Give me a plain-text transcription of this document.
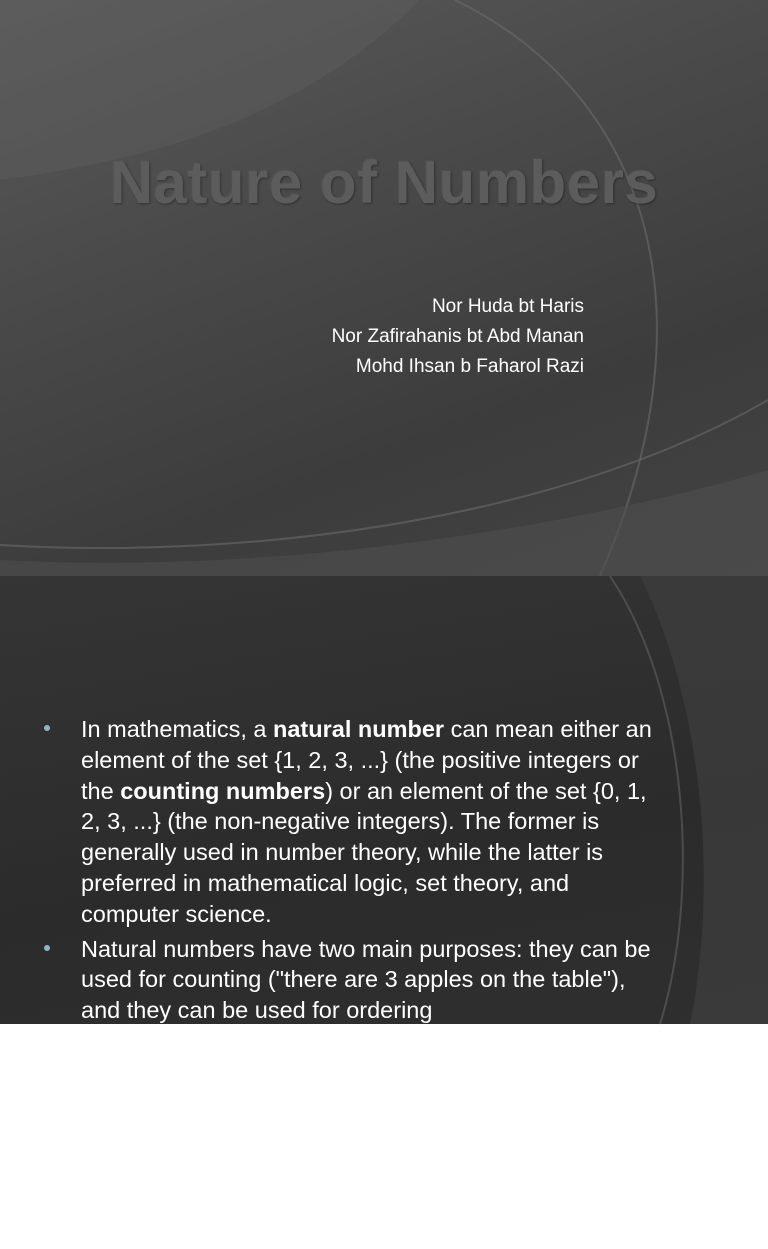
Nature of Numbers
Nor Huda bt Haris
Nor Zafirahanis bt Abd Manan
Mohd Ihsan b Faharol Razi
Natural Numbers
In mathematics, a natural number can mean either an element of the set {1, 2, 3, ...} (the positive integers or the counting numbers) or an element of the set {0, 1, 2, 3, ...} (the non-negative integers). The former is generally used in number theory, while the latter is preferred in mathematical logic, set theory, and computer science.
Natural numbers have two main purposes: they can be used for counting ("there are 3 apples on the table"), and they can be used for ordering
